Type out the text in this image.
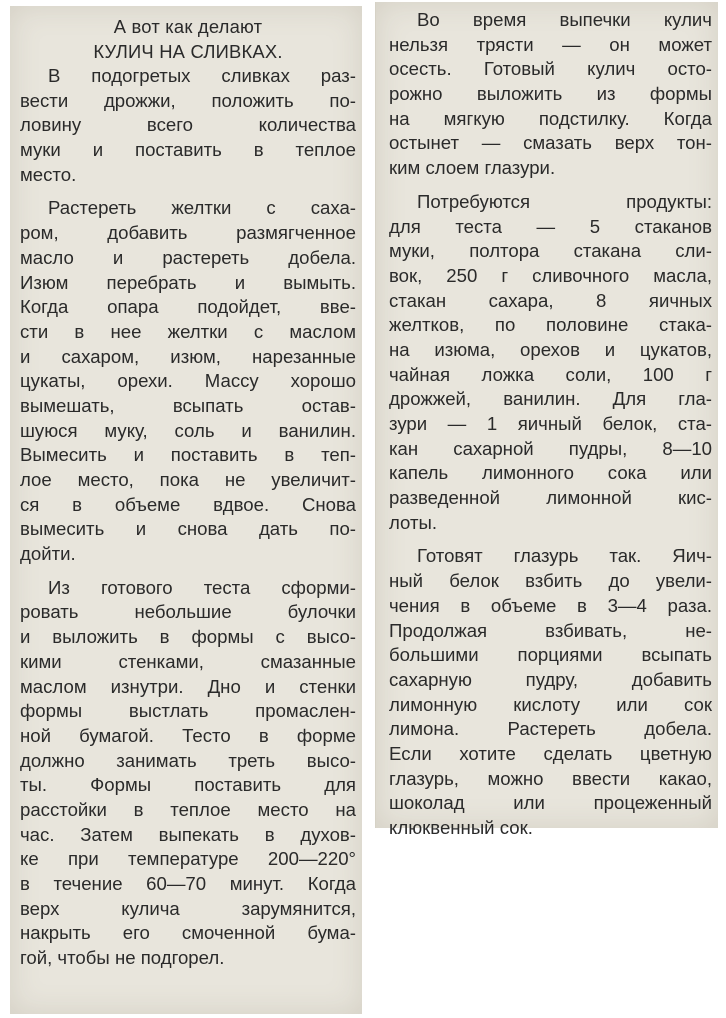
А вот как делают
КУЛИЧ НА СЛИВКАХ.
В подогретых сливках раз-
вести дрожжи, положить по-
ловину всего количества
муки и поставить в теплое
место.
Растереть желтки с саха-
ром, добавить размягченное
масло и растереть добела.
Изюм перебрать и вымыть.
Когда опара подойдет, вве-
сти в нее желтки с маслом
и сахаром, изюм, нарезанные
цукаты, орехи. Массу хорошо
вымешать, всыпать остав-
шуюся муку, соль и ванилин.
Вымесить и поставить в теп-
лое место, пока не увеличит-
ся в объеме вдвое. Снова
вымесить и снова дать по-
дойти.
Из готового теста сформи-
ровать небольшие булочки
и выложить в формы с высо-
кими стенками, смазанные
маслом изнутри. Дно и стенки
формы выстлать промаслен-
ной бумагой. Тесто в форме
должно занимать треть высо-
ты. Формы поставить для
расстойки в теплое место на
час. Затем выпекать в духов-
ке при температуре 200—220°
в течение 60—70 минут. Когда
верх кулича зарумянится,
накрыть его смоченной бума-
гой, чтобы не подгорел.
Во время выпечки кулич
нельзя трясти — он может
осесть. Готовый кулич осто-
рожно выложить из формы
на мягкую подстилку. Когда
остынет — смазать верх тон-
ким слоем глазури.
Потребуются продукты:
для теста — 5 стаканов
муки, полтора стакана сли-
вок, 250 г сливочного масла,
стакан сахара, 8 яичных
желтков, по половине стака-
на изюма, орехов и цукатов,
чайная ложка соли, 100 г
дрожжей, ванилин. Для гла-
зури — 1 яичный белок, ста-
кан сахарной пудры, 8—10
капель лимонного сока или
разведенной лимонной кис-
лоты.
Готовят глазурь так. Яич-
ный белок взбить до увели-
чения в объеме в 3—4 раза.
Продолжая взбивать, не-
большими порциями всыпать
сахарную пудру, добавить
лимонную кислоту или сок
лимона. Растереть добела.
Если хотите сделать цветную
глазурь, можно ввести какао,
шоколад или процеженный
клюквенный сок.
